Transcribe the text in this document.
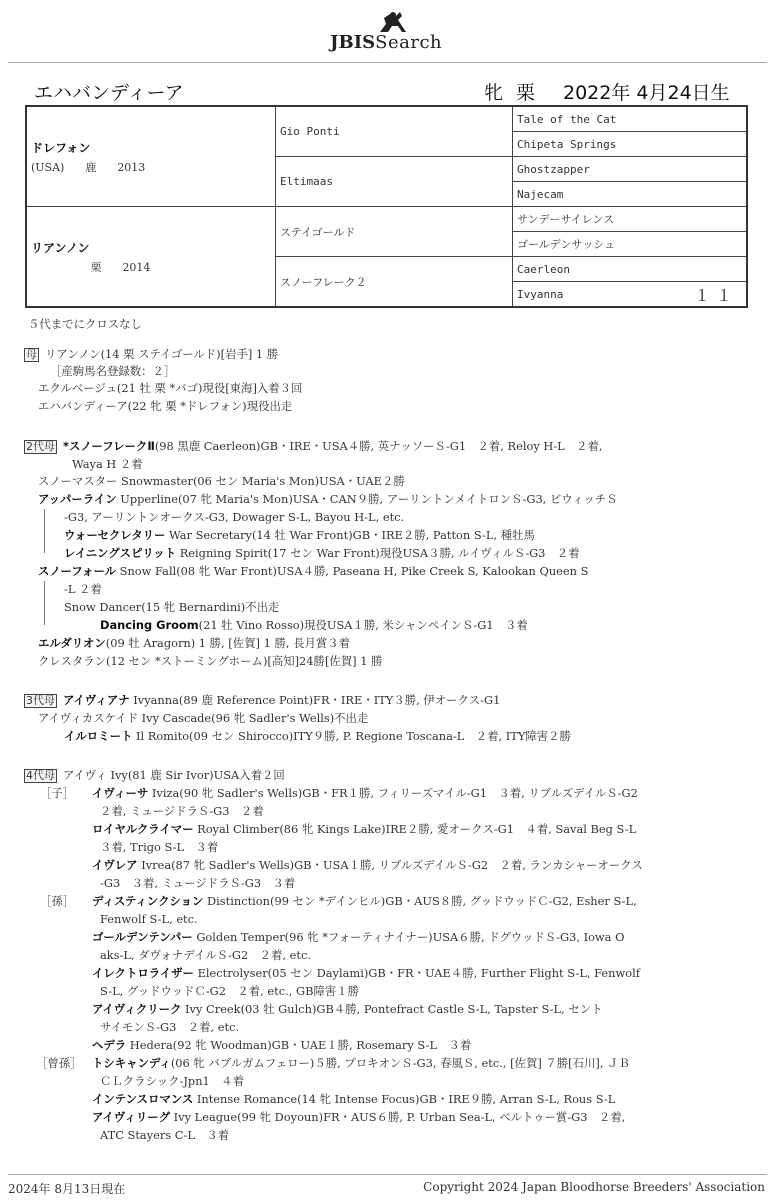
JBISSearch
エハバンディーア	牝 栗 2022年 4月24日生
ドレフォン
(USA) 鹿 2013	Gio Ponti	Tale of the Cat
		Chipeta Springs
	Eltimaas	Ghostzapper
		Najecam

リアンノン
栗 2014	ステイゴールド	サンデーサイレンス
		ゴールデンサッシュ
	スノーフレーク２	Caerleon

		Ivyanna １１
５代までにクロスなし
母 リアンノン(14 栗 ステイゴールド)[岩手] 1 勝
［産駒馬名登録数：２］
エクルベージュ(21 牡 栗 *バゴ)現役[東海]入着３回
エハバンディーア(22 牝 栗 *ドレフォン)現役出走
2代母 *スノーフレークⅡ(98 黒鹿 Caerleon)GB・IRE・USA４勝, 英ナッソーＳ-G1　２着, Reloy H-L　２着,
Waya H ２着
スノーマスター Snowmaster(06 セン Maria's Mon)USA・UAE２勝
アッパーライン Upperline(07 牝 Maria's Mon)USA・CAN９勝, アーリントンメイトロンＳ-G3, ビウィッチＳ
-G3, アーリントンオークス-G3, Dowager S-L, Bayou H-L, etc.
ウォーセクレタリー War Secretary(14 牡 War Front)GB・IRE２勝, Patton S-L, 種牡馬
レイニングスピリット Reigning Spirit(17 セン War Front)現役USA３勝, ルイヴィルＳ-G3　２着
スノーフォール Snow Fall(08 牝 War Front)USA４勝, Paseana H, Pike Creek S, Kalookan Queen S
-L ２着
Snow Dancer(15 牝 Bernardini)不出走
Dancing Groom(21 牡 Vino Rosso)現役USA１勝, 米シャンペインＳ-G1　３着
エルダリオン(09 牡 Aragorn) 1 勝, [佐賀] 1 勝, 長月賞３着
クレスタラン(12 セン *ストーミングホーム)[高知]24勝[佐賀] 1 勝
3代母 アイヴィアナ Ivyanna(89 鹿 Reference Point)FR・IRE・ITY３勝, 伊オークス-G1
アイヴィカスケイド Ivy Cascade(96 牝 Sadler's Wells)不出走
イルロミート Il Romito(09 セン Shirocco)ITY９勝, P. Regione Toscana-L　２着, ITY障害２勝
4代母 アイヴィ Ivy(81 鹿 Sir Ivor)USA入着２回
［子］ イヴィーサ Iviza(90 牝 Sadler's Wells)GB・FR１勝, フィリーズマイル-G1　３着, リブルズデイルＳ-G2
２着, ミュージドラＳ-G3　２着
ロイヤルクライマー Royal Climber(86 牝 Kings Lake)IRE２勝, 愛オークス-G1　４着, Saval Beg S-L
３着, Trigo S-L　３着
イヴレア Ivrea(87 牝 Sadler's Wells)GB・USA１勝, リブルズデイルＳ-G2　２着, ランカシャーオークス
-G3　３着, ミュージドラＳ-G3　３着
［孫］ ディスティンクション Distinction(99 セン *デインヒル)GB・AUS８勝, グッドウッドＣ-G2, Esher S-L,
Fenwolf S-L, etc.
ゴールデンテンパー Golden Temper(96 牝 *フォーティナイナー)USA６勝, ドグウッドＳ-G3, Iowa O
aks-L, ダヴォナデイルＳ-G2　２着, etc.
イレクトロライザー Electrolyser(05 セン Daylami)GB・FR・UAE４勝, Further Flight S-L, Fenwolf
S-L, グッドウッドＣ-G2　２着, etc., GB障害１勝
アイヴィクリーク Ivy Creek(03 牡 Gulch)GB４勝, Pontefract Castle S-L, Tapster S-L, セント
サイモンＳ-G3　２着, etc.
ヘデラ Hedera(92 牝 Woodman)GB・UAE１勝, Rosemary S-L　３着
［曾孫］ トシキャンディ(06 牝 バブルガムフェロー)５勝, プロキオンＳ-G3, 春風Ｓ, etc., [佐賀] ７勝[石川], ＪＢ
ＣＬクラシック-Jpn1　４着
インテンスロマンス Intense Romance(14 牝 Intense Focus)GB・IRE９勝, Arran S-L, Rous S-L
アイヴィリーグ Ivy League(99 牝 Doyoun)FR・AUS６勝, P. Urban Sea-L, ベルトゥー賞-G3　２着,
ATC Stayers C-L　３着
2024年 8月13日現在	Copyright 2024 Japan Bloodhorse Breeders' Association
